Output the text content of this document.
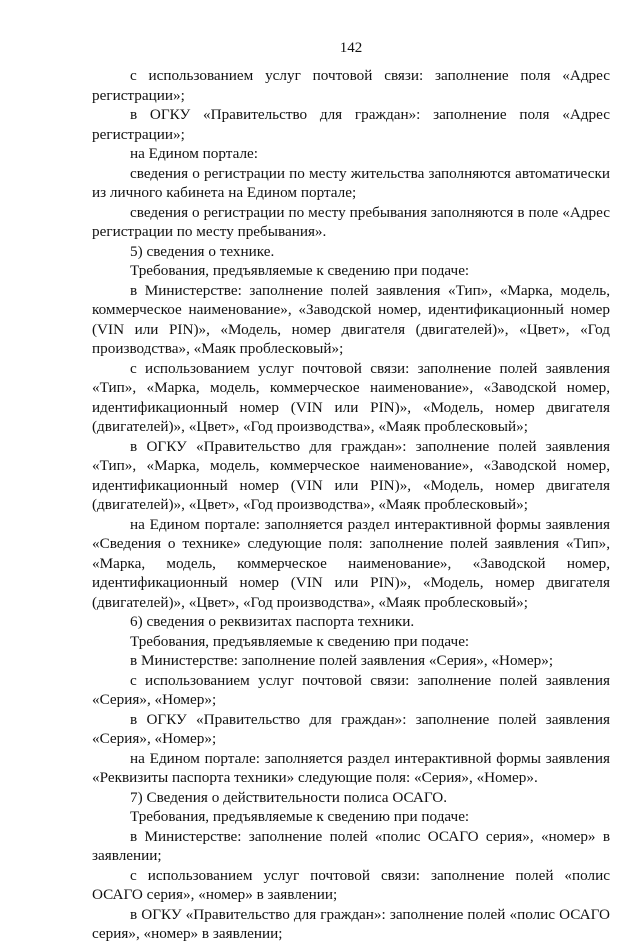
142

с использованием услуг почтовой связи: заполнение поля «Адрес регистрации»;

в ОГКУ «Правительство для граждан»: заполнение поля «Адрес регистрации»;

на Едином портале:

сведения о регистрации по месту жительства заполняются автоматически из личного кабинета на Едином портале;

сведения о регистрации по месту пребывания заполняются в поле «Адрес регистрации по месту пребывания».

5) сведения о технике.

Требования, предъявляемые к сведению при подаче:

в Министерстве: заполнение полей заявления «Тип», «Марка, модель, коммерческое наименование», «Заводской номер, идентификационный номер (VIN или PIN)», «Модель, номер двигателя (двигателей)», «Цвет», «Год производства», «Маяк проблесковый»;

с использованием услуг почтовой связи: заполнение полей заявления «Тип», «Марка, модель, коммерческое наименование», «Заводской номер, идентификационный номер (VIN или PIN)», «Модель, номер двигателя (двигателей)», «Цвет», «Год производства», «Маяк проблесковый»;

в ОГКУ «Правительство для граждан»: заполнение полей заявления «Тип», «Марка, модель, коммерческое наименование», «Заводской номер, идентификационный номер (VIN или PIN)», «Модель, номер двигателя (двигателей)», «Цвет», «Год производства», «Маяк проблесковый»;

на Едином портале: заполняется раздел интерактивной формы заявления «Сведения о технике» следующие поля: заполнение полей заявления «Тип», «Марка, модель, коммерческое наименование», «Заводской номер, идентификационный номер (VIN или PIN)», «Модель, номер двигателя (двигателей)», «Цвет», «Год производства», «Маяк проблесковый»;

6) сведения о реквизитах паспорта техники.

Требования, предъявляемые к сведению при подаче:

в Министерстве: заполнение полей заявления «Серия», «Номер»;

с использованием услуг почтовой связи: заполнение полей заявления «Серия», «Номер»;

в ОГКУ «Правительство для граждан»: заполнение полей заявления «Серия», «Номер»;

на Едином портале: заполняется раздел интерактивной формы заявления «Реквизиты паспорта техники» следующие поля: «Серия», «Номер».

7) Сведения о действительности полиса ОСАГО.

Требования, предъявляемые к сведению при подаче:

в Министерстве: заполнение полей «полис ОСАГО серия», «номер» в заявлении;

с использованием услуг почтовой связи: заполнение полей «полис ОСАГО серия», «номер» в заявлении;

в ОГКУ «Правительство для граждан»: заполнение полей «полис ОСАГО серия», «номер» в заявлении;
